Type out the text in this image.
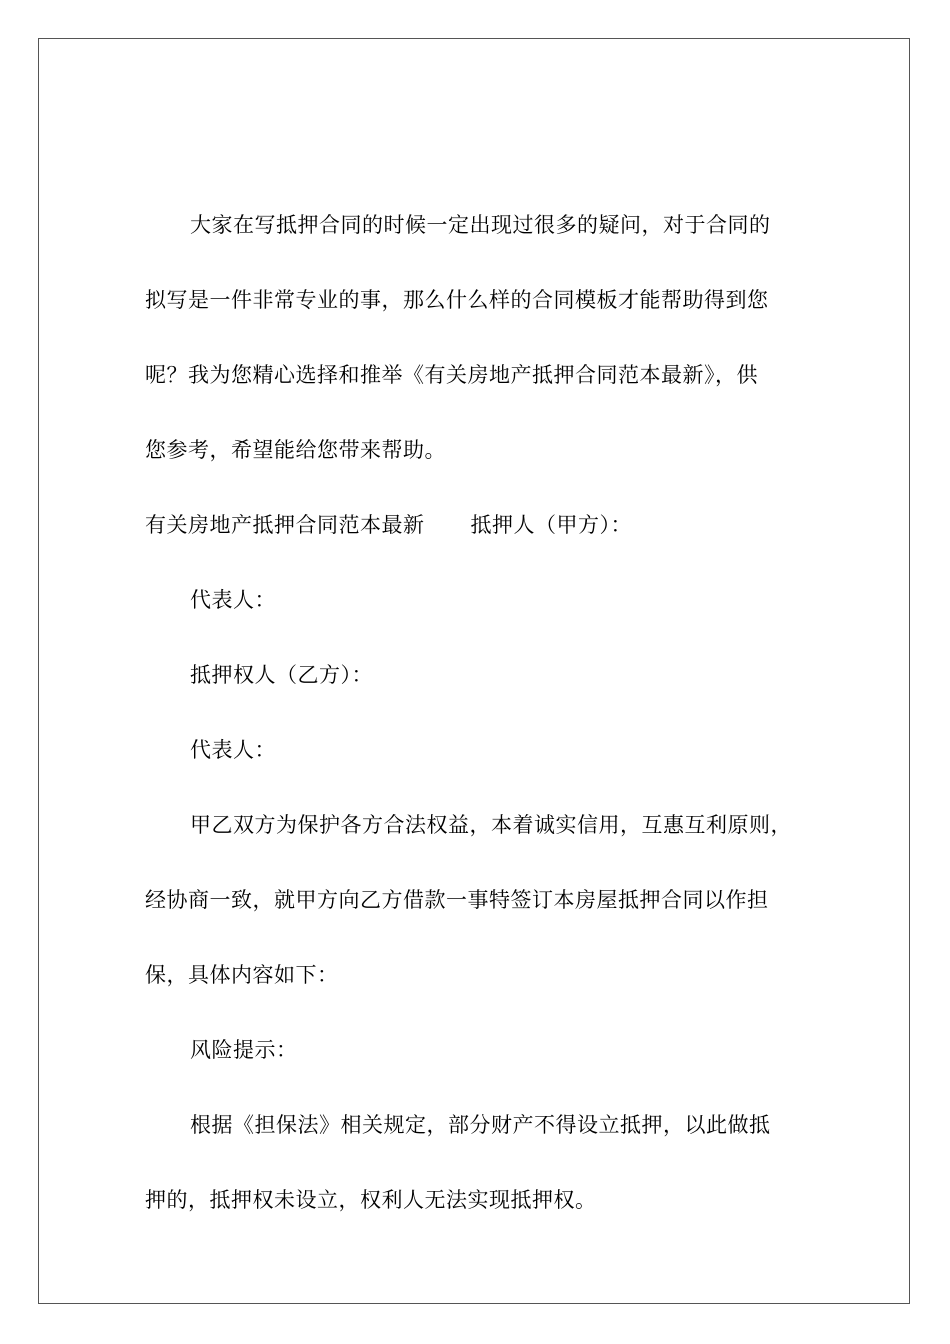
大家在写抵押合同的时候一定出现过很多的疑问，对于合同的
拟写是一件非常专业的事，那么什么样的合同模板才能帮助得到您
呢？我为您精心选择和推举《有关房地产抵押合同范本最新》，供
您参考，希望能给您带来帮助。
有关房地产抵押合同范本最新 抵押人（甲方）：
代表人：
抵押权人（乙方）：
代表人：
甲乙双方为保护各方合法权益，本着诚实信用，互惠互利原则，
经协商一致，就甲方向乙方借款一事特签订本房屋抵押合同以作担
保，具体内容如下：
风险提示：
根据《担保法》相关规定，部分财产不得设立抵押，以此做抵
押的，抵押权未设立，权利人无法实现抵押权。
